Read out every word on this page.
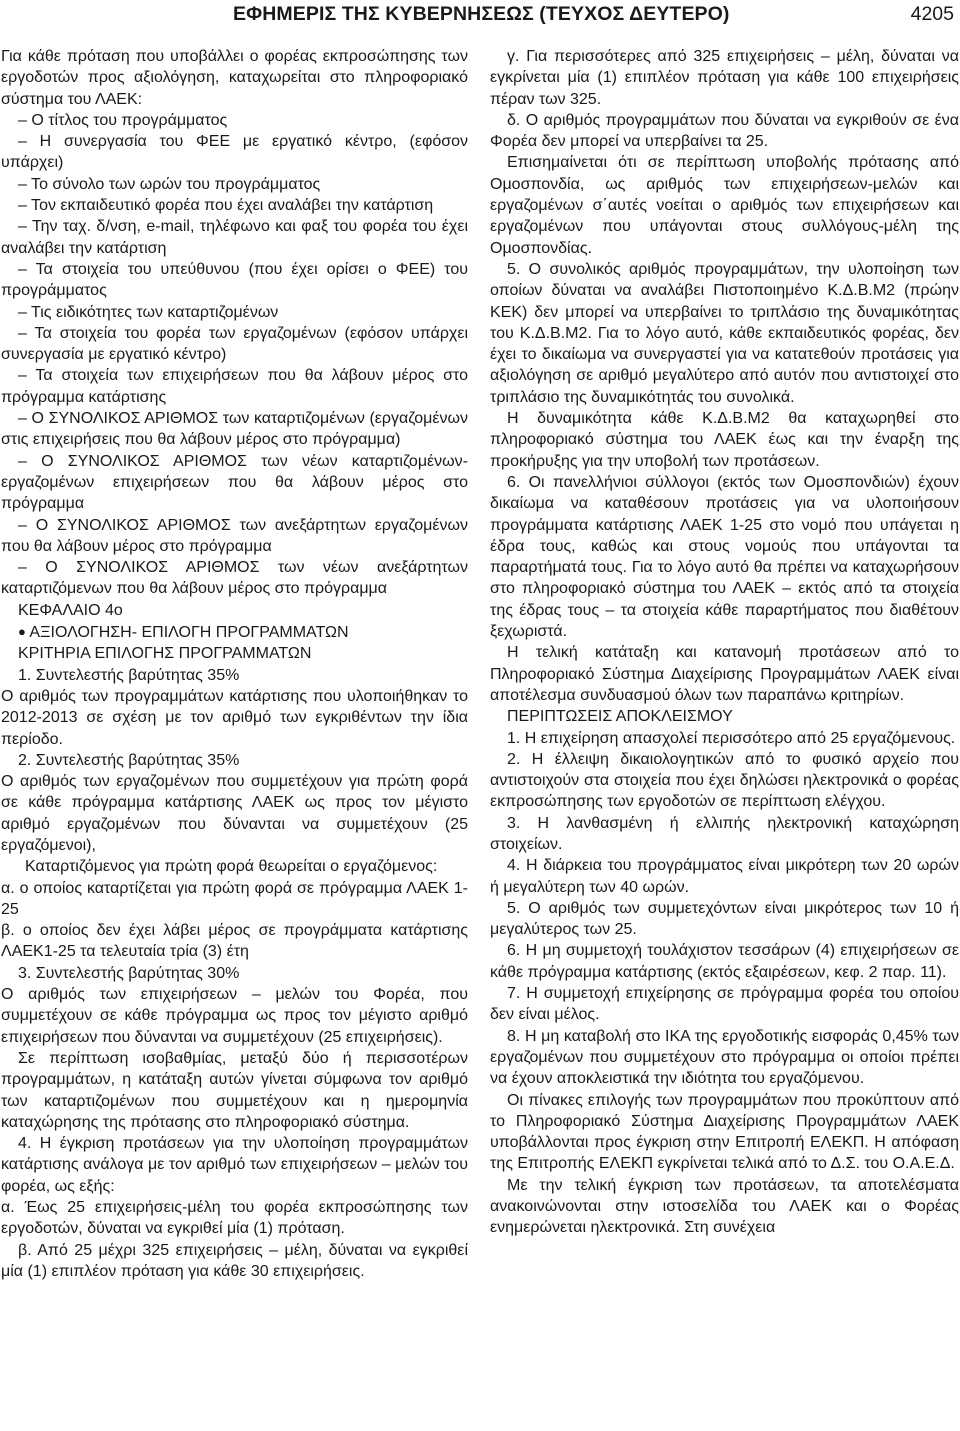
ΕΦΗΜΕΡΙΣ ΤΗΣ ΚΥΒΕΡΝΗΣΕΩΣ (ΤΕΥΧΟΣ ΔΕΥΤΕΡΟ)	4205

Για κάθε πρόταση που υποβάλλει ο φορέας εκπροσώπησης των εργοδοτών προς αξιολόγηση, καταχωρείται στο πληροφοριακό σύστημα του ΛΑΕΚ:

– Ο τίτλος του προγράμματος

– Η συνεργασία του ΦΕΕ με εργατικό κέντρο, (εφόσον υπάρχει)

– Το σύνολο των ωρών του προγράμματος

– Τον εκπαιδευτικό φορέα που έχει αναλάβει την κατάρτιση

– Την ταχ. δ/νση, e-mail, τηλέφωνο και φαξ του φορέα του έχει αναλάβει την κατάρτιση

– Τα στοιχεία του υπεύθυνου (που έχει ορίσει ο ΦΕΕ) του προγράμματος

– Τις ειδικότητες των καταρτιζομένων

– Τα στοιχεία του φορέα των εργαζομένων (εφόσον υπάρχει συνεργασία με εργατικό κέντρο)

– Τα στοιχεία των επιχειρήσεων που θα λάβουν μέρος στο πρόγραμμα κατάρτισης

– Ο ΣΥΝΟΛΙΚΟΣ ΑΡΙΘΜΟΣ των καταρτιζομένων (εργαζομένων στις επιχειρήσεις που θα λάβουν μέρος στο πρόγραμμα)

– Ο ΣΥΝΟΛΙΚΟΣ ΑΡΙΘΜΟΣ των νέων καταρτιζομένων-εργαζομένων επιχειρήσεων που θα λάβουν μέρος στο πρόγραμμα

– Ο ΣΥΝΟΛΙΚΟΣ ΑΡΙΘΜΟΣ των ανεξάρτητων εργαζομένων που θα λάβουν μέρος στο πρόγραμμα

– Ο ΣΥΝΟΛΙΚΟΣ ΑΡΙΘΜΟΣ των νέων ανεξάρτητων καταρτιζόμενων που θα λάβουν μέρος στο πρόγραμμα

ΚΕΦΑΛΑΙΟ 4ο

● ΑΞΙΟΛΟΓΗΣΗ- ΕΠΙΛΟΓΗ ΠΡΟΓΡΑΜΜΑΤΩΝ

ΚΡΙΤΗΡΙΑ ΕΠΙΛΟΓΗΣ ΠΡΟΓΡΑΜΜΑΤΩΝ

1. Συντελεστής βαρύτητας 35%

Ο αριθμός των προγραμμάτων κατάρτισης που υλοποιήθηκαν το 2012-2013 σε σχέση με τον αριθμό των εγκριθέντων την ίδια περίοδο.

2. Συντελεστής βαρύτητας 35%

Ο αριθμός των εργαζομένων που συμμετέχουν για πρώτη φορά σε κάθε πρόγραμμα κατάρτισης ΛΑΕΚ ως προς τον μέγιστο αριθμό εργαζομένων που δύνανται να συμμετέχουν (25 εργαζόμενοι),

Καταρτιζόμενος για πρώτη φορά θεωρείται ο εργαζόμενος:

α. ο οποίος καταρτίζεται για πρώτη φορά σε πρόγραμμα ΛΑΕΚ 1-25

β. ο οποίος δεν έχει λάβει μέρος σε προγράμματα κατάρτισης ΛΑΕΚ1-25 τα τελευταία τρία (3) έτη

3. Συντελεστής βαρύτητας 30%

Ο αριθμός των επιχειρήσεων – μελών του Φορέα, που συμμετέχουν σε κάθε πρόγραμμα ως προς τον μέγιστο αριθμό επιχειρήσεων που δύνανται να συμμετέχουν (25 επιχειρήσεις).

Σε περίπτωση ισοβαθμίας, μεταξύ δύο ή περισσοτέρων προγραμμάτων, η κατάταξη αυτών γίνεται σύμφωνα τον αριθμό των καταρτιζομένων που συμμετέχουν και η ημερομηνία καταχώρησης της πρότασης στο πληροφοριακό σύστημα.

4. Η έγκριση προτάσεων για την υλοποίηση προγραμμάτων κατάρτισης ανάλογα με τον αριθμό των επιχειρήσεων – μελών του φορέα, ως εξής:

α. Έως 25 επιχειρήσεις-μέλη του φορέα εκπροσώπησης των εργοδοτών, δύναται να εγκριθεί μία (1) πρόταση.

β. Από 25 μέχρι 325 επιχειρήσεις – μέλη, δύναται να εγκριθεί μία (1) επιπλέον πρόταση για κάθε 30 επιχειρήσεις.

γ. Για περισσότερες από 325 επιχειρήσεις – μέλη, δύναται να εγκρίνεται μία (1) επιπλέον πρόταση για κάθε 100 επιχειρήσεις πέραν των 325.

δ. Ο αριθμός προγραμμάτων που δύναται να εγκριθούν σε ένα Φορέα δεν μπορεί να υπερβαίνει τα 25.

Επισημαίνεται ότι σε περίπτωση υποβολής πρότασης από Ομοσπονδία, ως αριθμός των επιχειρήσεων-μελών και εργαζομένων σ΄αυτές νοείται ο αριθμός των επιχειρήσεων και εργαζομένων που υπάγονται στους συλλόγους-μέλη της Ομοσπονδίας.

5. Ο συνολικός αριθμός προγραμμάτων, την υλοποίηση των οποίων δύναται να αναλάβει Πιστοποιημένο Κ.Δ.Β.Μ2 (πρώην ΚΕΚ) δεν μπορεί να υπερβαίνει το τριπλάσιο της δυναμικότητας του Κ.Δ.Β.Μ2. Για το λόγο αυτό, κάθε εκπαιδευτικός φορέας, δεν έχει το δικαίωμα να συνεργαστεί για να κατατεθούν προτάσεις για αξιολόγηση σε αριθμό μεγαλύτερο από αυτόν που αντιστοιχεί στο τριπλάσιο της δυναμικότητάς του συνολικά.

Η δυναμικότητα κάθε Κ.Δ.Β.Μ2 θα καταχωρηθεί στο πληροφοριακό σύστημα του ΛΑΕΚ έως και την έναρξη της προκήρυξης για την υποβολή των προτάσεων.

6. Οι πανελλήνιοι σύλλογοι (εκτός των Ομοσπονδιών) έχουν δικαίωμα να καταθέσουν προτάσεις για να υλοποιήσουν προγράμματα κατάρτισης ΛΑΕΚ 1-25 στο νομό που υπάγεται η έδρα τους, καθώς και στους νομούς που υπάγονται τα παραρτήματά τους. Για το λόγο αυτό θα πρέπει να καταχωρήσουν στο πληροφοριακό σύστημα του ΛΑΕΚ – εκτός από τα στοιχεία της έδρας τους – τα στοιχεία κάθε παραρτήματος που διαθέτουν ξεχωριστά.

Η τελική κατάταξη και κατανομή προτάσεων από το Πληροφοριακό Σύστημα Διαχείρισης Προγραμμάτων ΛΑΕΚ είναι αποτέλεσμα συνδυασμού όλων των παραπάνω κριτηρίων.

ΠΕΡΙΠΤΩΣΕΙΣ ΑΠΟΚΛΕΙΣΜΟΥ

1. Η επιχείρηση απασχολεί περισσότερο από 25 εργαζόμενους.

2. Η έλλειψη δικαιολογητικών από το φυσικό αρχείο που αντιστοιχούν στα στοιχεία που έχει δηλώσει ηλεκτρονικά ο φορέας εκπροσώπησης των εργοδοτών σε περίπτωση ελέγχου.

3. Η λανθασμένη ή ελλιπής ηλεκτρονική καταχώρηση στοιχείων.

4. Η διάρκεια του προγράμματος είναι μικρότερη των 20 ωρών ή μεγαλύτερη των 40 ωρών.

5. Ο αριθμός των συμμετεχόντων είναι μικρότερος των 10 ή μεγαλύτερος των 25.

6. Η μη συμμετοχή τουλάχιστον τεσσάρων (4) επιχειρήσεων σε κάθε πρόγραμμα κατάρτισης (εκτός εξαιρέσεων, κεφ. 2 παρ. 11).

7. Η συμμετοχή επιχείρησης σε πρόγραμμα φορέα του οποίου δεν είναι μέλος.

8. Η μη καταβολή στο ΙΚΑ της εργοδοτικής εισφοράς 0,45% των εργαζομένων που συμμετέχουν στο πρόγραμμα οι οποίοι πρέπει να έχουν αποκλειστικά την ιδιότητα του εργαζόμενου.

Οι πίνακες επιλογής των προγραμμάτων που προκύπτουν από το Πληροφοριακό Σύστημα Διαχείρισης Προγραμμάτων ΛΑΕΚ υποβάλλονται προς έγκριση στην Επιτροπή ΕΛΕΚΠ. Η απόφαση της Επιτροπής ΕΛΕΚΠ εγκρίνεται τελικά από το Δ.Σ. του Ο.Α.Ε.Δ.

Με την τελική έγκριση των προτάσεων, τα αποτελέσματα ανακοινώνονται στην ιστοσελίδα του ΛΑΕΚ και ο Φορέας ενημερώνεται ηλεκτρονικά. Στη συνέχεια
